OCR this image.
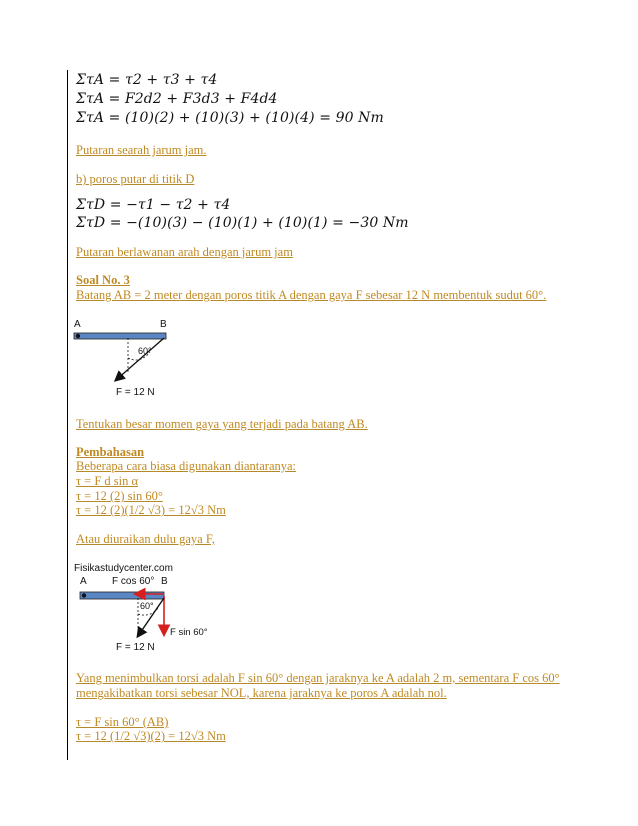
ΣτA = τ2 + τ3 + τ4
ΣτA = F2d2 + F3d3 + F4d4
ΣτA = (10)(2) + (10)(3) + (10)(4) = 90 Nm
Putaran searah jarum jam.
b) poros putar di titik D
ΣτD = −τ1 − τ2 + τ4
ΣτD = −(10)(3) − (10)(1) + (10)(1) = −30 Nm
Putaran berlawanan arah dengan jarum jam
Soal No. 3
Batang AB = 2 meter dengan poros titik A dengan gaya F sebesar 12 N membentuk sudut 60°.
A	B
60°
F = 12 N
Tentukan besar momen gaya yang terjadi pada batang AB.
Pembahasan
Beberapa cara biasa digunakan diantaranya:
τ = F d sin α
τ = 12 (2) sin 60°
τ = 12 (2)(1/2 √3) = 12√3 Nm
Atau diuraikan dulu gaya F,
Fisikastudycenter.com
A	F cos 60° B
60°
F sin 60°
F = 12 N
Yang menimbulkan torsi adalah F sin 60° dengan jaraknya ke A adalah 2 m, sementara F cos 60°
mengakibatkan torsi sebesar NOL, karena jaraknya ke poros A adalah nol.
τ = F sin 60° (AB)
τ = 12 (1/2 √3)(2) = 12√3 Nm
